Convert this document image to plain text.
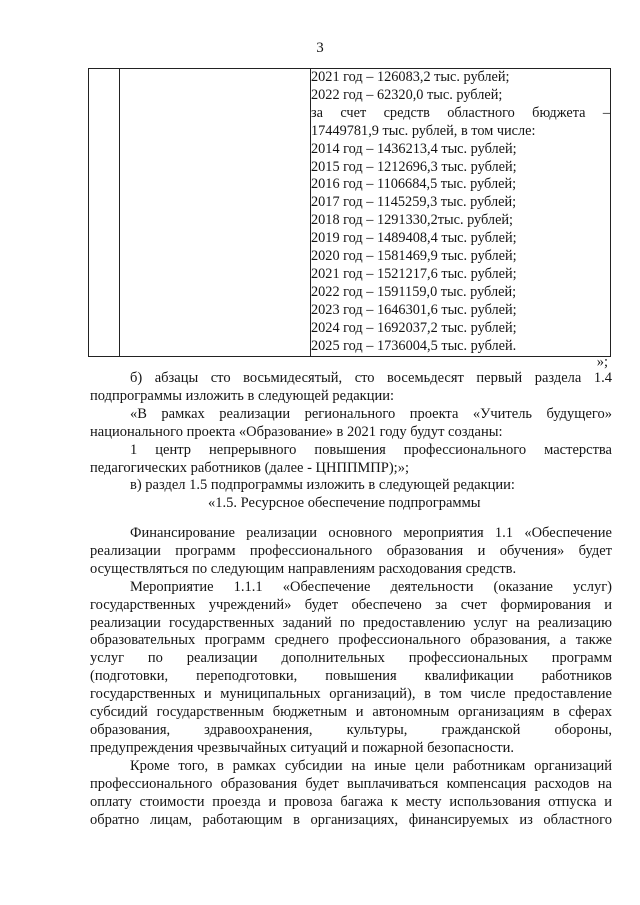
3

2021 год – 126083,2 тыс. рублей;
2022 год – 62320,0 тыс. рублей;
за счет средств областного бюджета –
17449781,9 тыс. рублей, в том числе:
2014 год – 1436213,4 тыс. рублей;
2015 год – 1212696,3 тыс. рублей;
2016 год – 1106684,5 тыс. рублей;
2017 год – 1145259,3 тыс. рублей;
2018 год – 1291330,2тыс. рублей;
2019 год – 1489408,4 тыс. рублей;
2020 год – 1581469,9 тыс. рублей;
2021 год – 1521217,6 тыс. рублей;
2022 год – 1591159,0 тыс. рублей;
2023 год – 1646301,6 тыс. рублей;
2024 год – 1692037,2 тыс. рублей;
2025 год – 1736004,5 тыс. рублей.
»;
б) абзацы сто восьмидесятый, сто восемьдесят первый раздела 1.4
подпрограммы изложить в следующей редакции:
«В рамках реализации регионального проекта «Учитель будущего»
национального проекта «Образование» в 2021 году будут созданы:
1 центр непрерывного повышения профессионального мастерства
педагогических работников (далее - ЦНППМПР);»;
в) раздел 1.5 подпрограммы изложить в следующей редакции:
«1.5. Ресурсное обеспечение подпрограммы
Финансирование реализации основного мероприятия 1.1 «Обеспечение
реализации программ профессионального образования и обучения» будет
осуществляться по следующим направлениям расходования средств.
Мероприятие 1.1.1 «Обеспечение деятельности (оказание услуг)
государственных учреждений» будет обеспечено за счет формирования и
реализации государственных заданий по предоставлению услуг на реализацию
образовательных программ среднего профессионального образования, а также
услуг по реализации дополнительных профессиональных программ
(подготовки, переподготовки, повышения квалификации работников
государственных и муниципальных организаций), в том числе предоставление
субсидий государственным бюджетным и автономным организациям в сферах
образования, здравоохранения, культуры, гражданской обороны,
предупреждения чрезвычайных ситуаций и пожарной безопасности.
Кроме того, в рамках субсидии на иные цели работникам организаций
профессионального образования будет выплачиваться компенсация расходов на
оплату стоимости проезда и провоза багажа к месту использования отпуска и
обратно лицам, работающим в организациях, финансируемых из областного
